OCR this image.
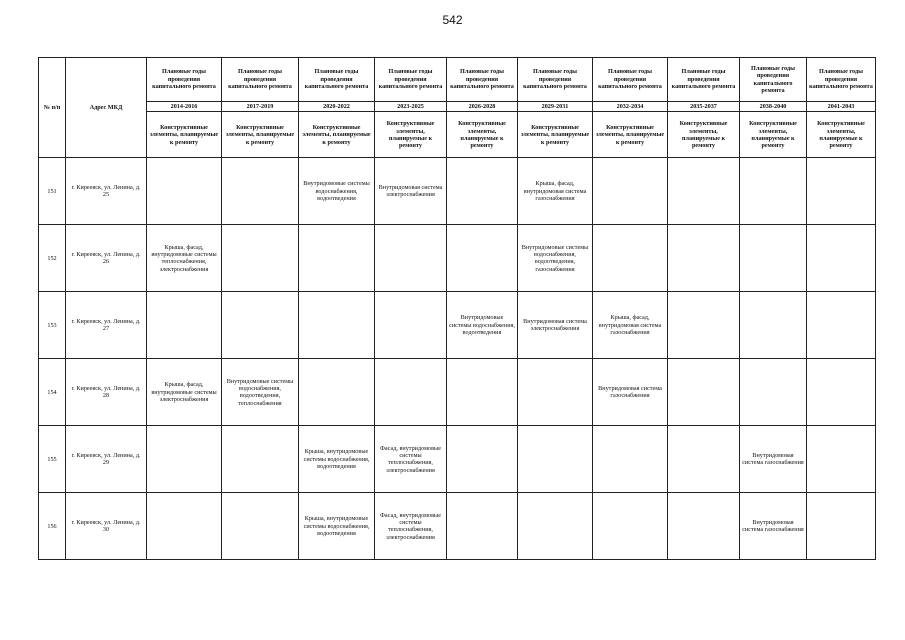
542
№ п/п	Адрес МКД	Плановые годы проведения капитального ремонта	Плановые годы проведения капитального ремонта	Плановые годы проведения капитального ремонта	Плановые годы проведения капитального ремонта	Плановые годы проведения капитального ремонта	Плановые годы проведения капитального ремонта	Плановые годы проведения капитального ремонта	Плановые годы проведения капитального ремонта	Плановые годы проведения капитального ремонта	Плановые годы проведения капитального ремонта
		2014-2016	2017-2019	2020-2022	2023-2025	2026-2028	2029-2031	2032-2034	2035-2037	2038-2040	2041-2043
		Конструктивные элементы, планируемые к ремонту	Конструктивные элементы, планируемые к ремонту	Конструктивные элементы, планируемые к ремонту	Конструктивные элементы, планируемые к ремонту	Конструктивные элементы, планируемые к ремонту	Конструктивные элементы, планируемые к ремонту	Конструктивные элементы, планируемые к ремонту	Конструктивные элементы, планируемые к ремонту	Конструктивные элементы, планируемые к ремонту	Конструктивные элементы, планируемые к ремонту
151	г. Киреевск, ул. Ленина, д. 25			Внутридомовые системы водоснабжения, водоотведения	Внутридомовая система электроснабжения		Крыша, фасад, внутридомовая система газоснабжения				
152	г. Киреевск, ул. Ленина, д. 26	Крыша, фасад, внутридомовые системы теплоснабжения, электроснабжения					Внутридомовые системы водоснабжения, водоотведения, газоснабжения				
153	г. Киреевск, ул. Ленина, д. 27					Внутридомовые системы водоснабжения, водоотведения	Внутридомовая система электроснабжения	Крыша, фасад, внутридомовая система газоснабжения			
154	г. Киреевск, ул. Ленина, д. 28	Крыша, фасад, внутридомовые системы электроснабжения	Внутридомовые системы водоснабжения, водоотведения, теплоснабжения					Внутридомовая система газоснабжения			
155	г. Киреевск, ул. Ленина, д. 29			Крыша, внутридомовые системы водоснабжения, водоотведения	Фасад, внутридомовые системы теплоснабжения, электроснабжения					Внутридомовая система газоснабжения	
156	г. Киреевск, ул. Ленина, д. 30			Крыша, внутридомовые системы водоснабжения, водоотведения	Фасад, внутридомовые системы теплоснабжения, электроснабжения					Внутридомовая система газоснабжения	
